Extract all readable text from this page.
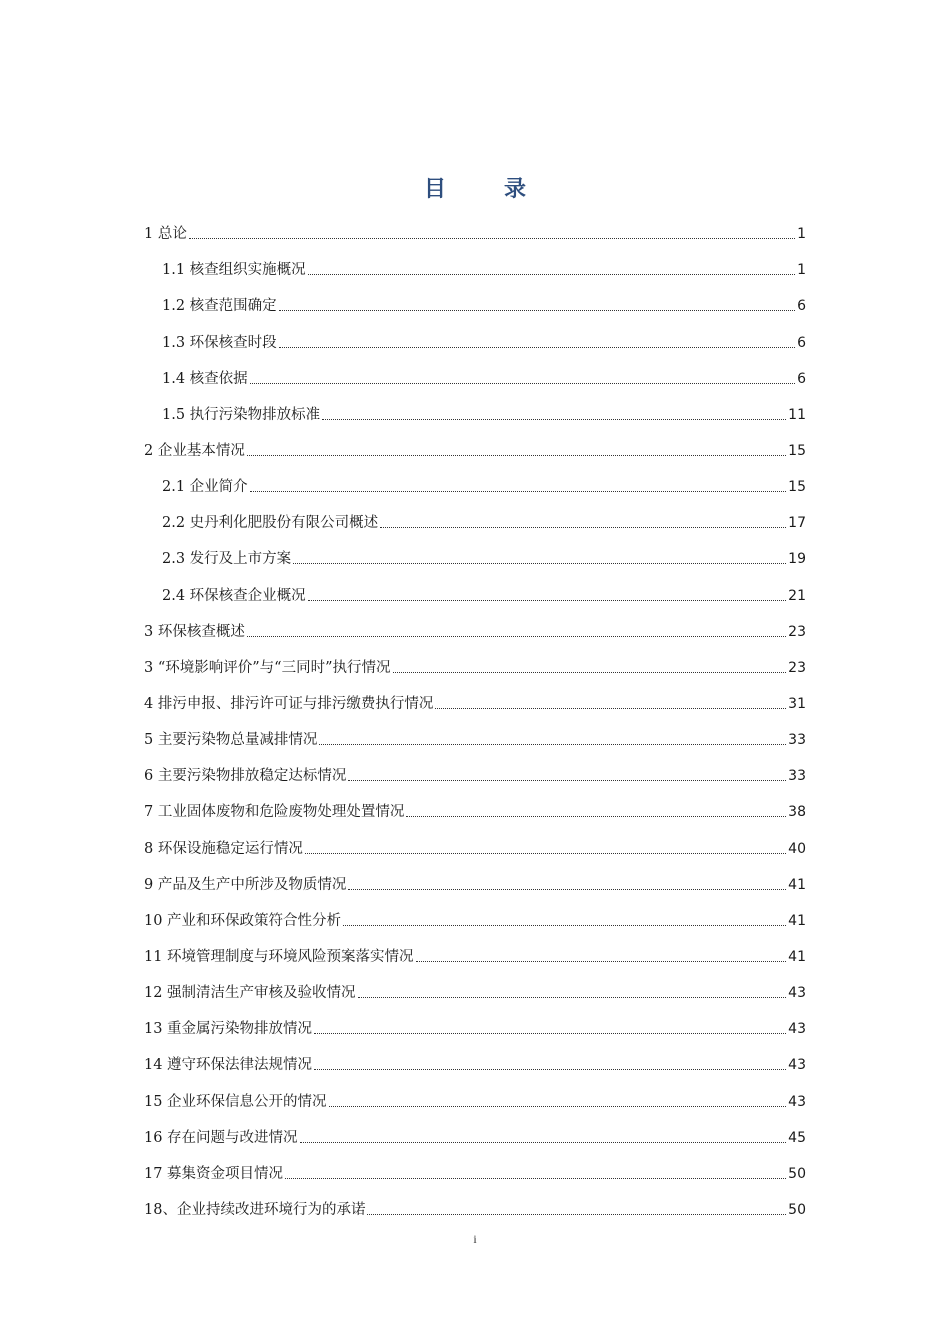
目　录
1 总论	1
1.1 核查组织实施概况	1
1.2 核查范围确定	6
1.3 环保核查时段	6
1.4 核查依据	6
1.5 执行污染物排放标准	11
2 企业基本情况	15
2.1 企业简介	15
2.2 史丹利化肥股份有限公司概述	17
2.3 发行及上市方案	19
2.4 环保核查企业概况	21
3 环保核查概述	23
3 “环境影响评价”与“三同时”执行情况	23
4 排污申报、排污许可证与排污缴费执行情况	31
5 主要污染物总量减排情况	33
6 主要污染物排放稳定达标情况	33
7 工业固体废物和危险废物处理处置情况	38
8 环保设施稳定运行情况	40
9 产品及生产中所涉及物质情况	41
10 产业和环保政策符合性分析	41
11 环境管理制度与环境风险预案落实情况	41
12 强制清洁生产审核及验收情况	43
13 重金属污染物排放情况	43
14 遵守环保法律法规情况	43
15 企业环保信息公开的情况	43
16 存在问题与改进情况	45
17 募集资金项目情况	50
18、企业持续改进环境行为的承诺	50
i
